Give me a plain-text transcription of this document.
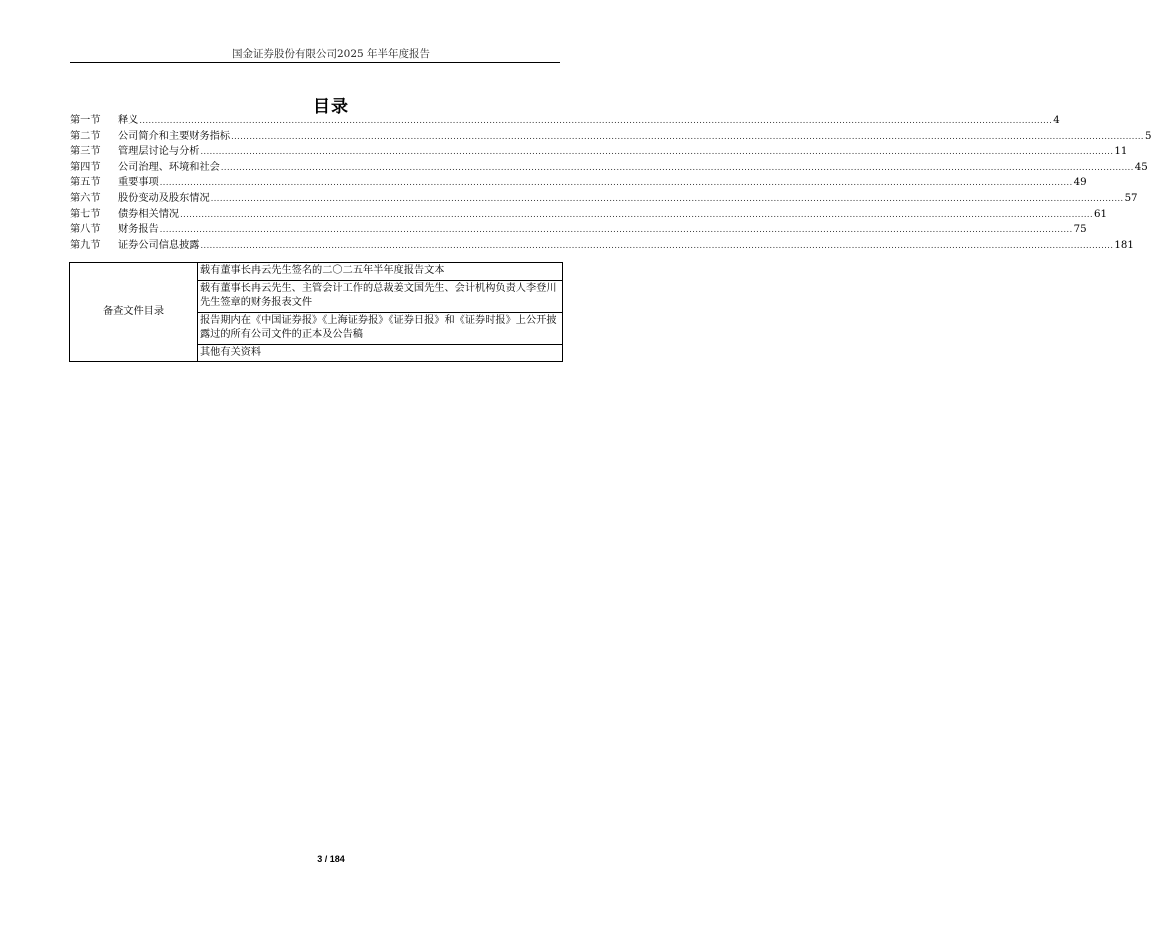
国金证券股份有限公司2025 年半年度报告
目录
第一节	释义 ............................................................................................................................................................................................................................................................................................................ 4
第二节	公司简介和主要财务指标 ............................................................................................................................................................................................................................................................................................................ 5
第三节	管理层讨论与分析 ............................................................................................................................................................................................................................................................................................................ 11
第四节	公司治理、环境和社会 ............................................................................................................................................................................................................................................................................................................ 45
第五节	重要事项 ............................................................................................................................................................................................................................................................................................................ 49
第六节	股份变动及股东情况 ............................................................................................................................................................................................................................................................................................................ 57
第七节	债券相关情况 ............................................................................................................................................................................................................................................................................................................ 61
第八节	财务报告 ............................................................................................................................................................................................................................................................................................................ 75
第九节	证券公司信息披露 ............................................................................................................................................................................................................................................................................................................ 181
备查文件目录	载有董事长冉云先生签名的二〇二五年半年度报告文本
载有董事长冉云先生、主管会计工作的总裁姜文国先生、会计机构负责人李登川先生签章的财务报表文件
报告期内在《中国证券报》《上海证券报》《证券日报》和《证券时报》上公开披露过的所有公司文件的正本及公告稿
其他有关资料
3 / 184
